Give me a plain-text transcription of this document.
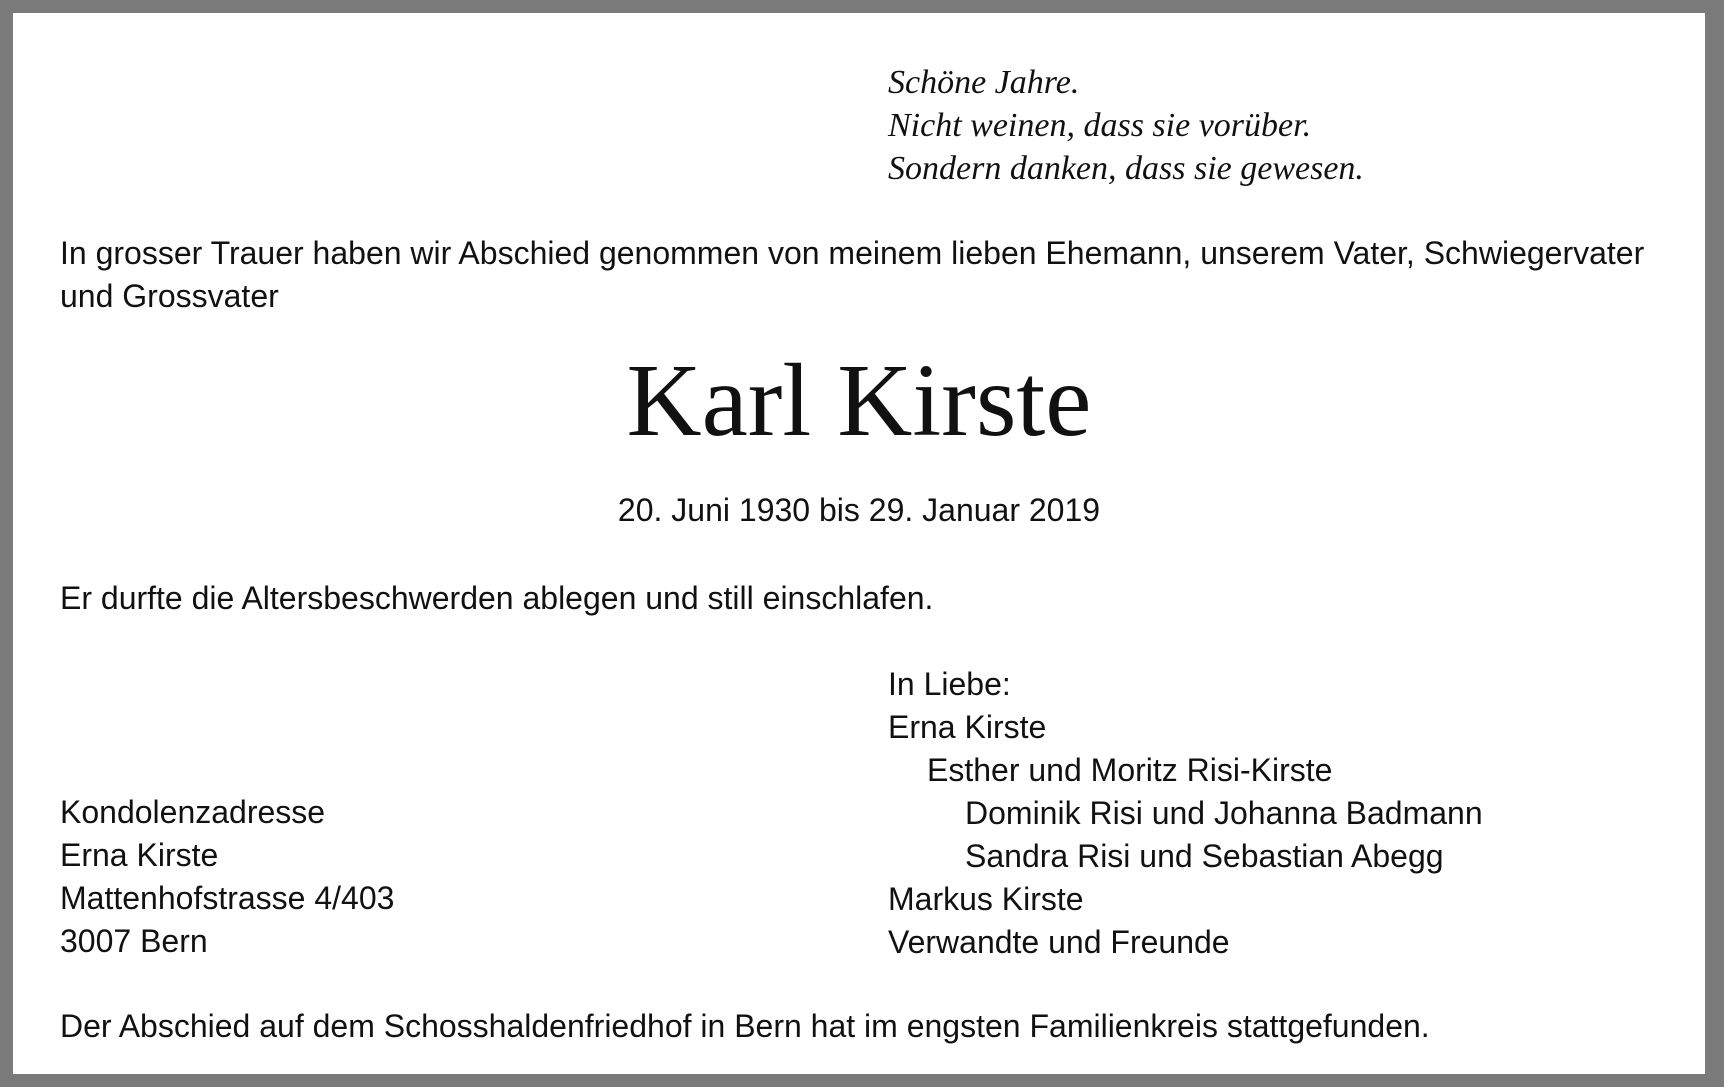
Schöne Jahre.
Nicht weinen, dass sie vorüber.
Sondern danken, dass sie gewesen.
In grosser Trauer haben wir Abschied genommen von meinem lieben Ehemann, unserem Vater, Schwiegervater
und Grossvater
Karl Kirste
20. Juni 1930 bis 29. Januar 2019
Er durfte die Altersbeschwerden ablegen und still einschlafen.
Kondolenzadresse
Erna Kirste
Mattenhofstrasse 4/403
3007 Bern
In Liebe:
Erna Kirste
Esther und Moritz Risi-Kirste
Dominik Risi und Johanna Badmann
Sandra Risi und Sebastian Abegg
Markus Kirste
Verwandte und Freunde
Der Abschied auf dem Schosshaldenfriedhof in Bern hat im engsten Familienkreis stattgefunden.
